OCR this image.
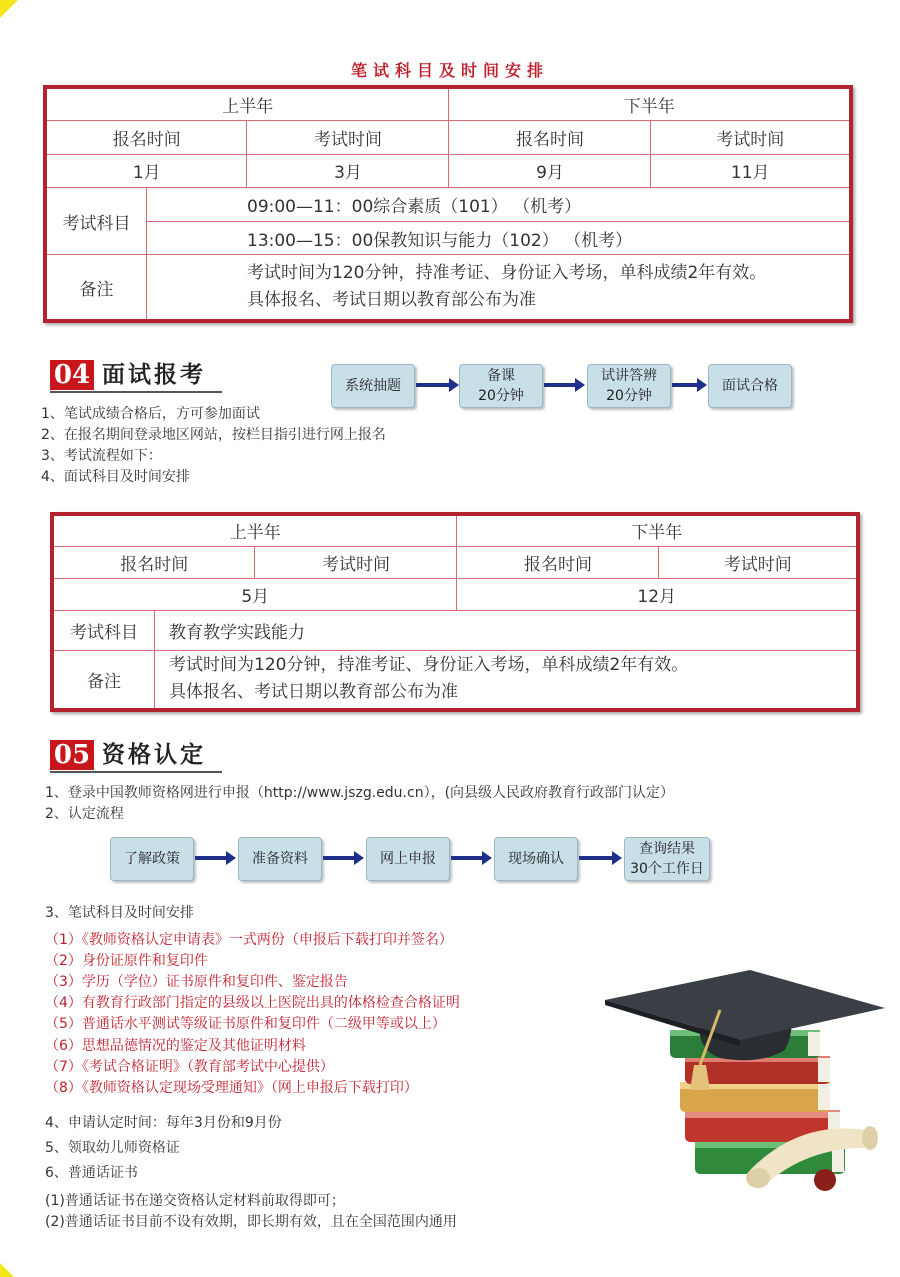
笔试科目及时间安排
上半年			下半年	
报名时间		考试时间	报名时间	考试时间
1月		3月	9月	11月
考试科目	09:00—11：00综合素质（101） （机考）			
	13:00—15：00保教知识与能力（102） （机考）			
备注	考试时间为120分钟，持准考证、身份证入考场，单科成绩2年有效。
具体报名、考试日期以教育部公布为准			
04 面试报考	系统抽题
备课
20分钟
试讲答辨
20分钟
面试合格
1、笔试成绩合格后，方可参加面试
2、在报名期间登录地区网站，按栏目指引进行网上报名
3、考试流程如下：
4、面试科目及时间安排
上半年			下半年	
报名时间		考试时间	报名时间	考试时间
5月			12月	
考试科目	教育教学实践能力			
备注	考试时间为120分钟，持准考证、身份证入考场，单科成绩2年有效。
具体报名、考试日期以教育部公布为准			
05 资格认定
1、登录中国教师资格网进行申报（http://www.jszg.edu.cn），(向县级人民政府教育行政部门认定）
2、认定流程
了解政策	准备资料	网上申报	现场确认
查询结果
30个工作日
3、笔试科目及时间安排
（1）《教师资格认定申请表》一式两份（申报后下载打印并签名）
（2）身份证原件和复印件
（3）学历（学位）证书原件和复印件、鉴定报告
（4）有教育行政部门指定的县级以上医院出具的体格检查合格证明
（5）普通话水平测试等级证书原件和复印件（二级甲等或以上）
（6）思想品德情况的鉴定及其他证明材料
（7）《考试合格证明》（教育部考试中心提供）
（8）《教师资格认定现场受理通知》（网上申报后下载打印）
4、申请认定时间：每年3月份和9月份
5、领取幼儿师资格证
6、普通话证书
(1)普通话证书在递交资格认定材料前取得即可；
(2)普通话证书目前不设有效期，即长期有效，且在全国范围内通用
